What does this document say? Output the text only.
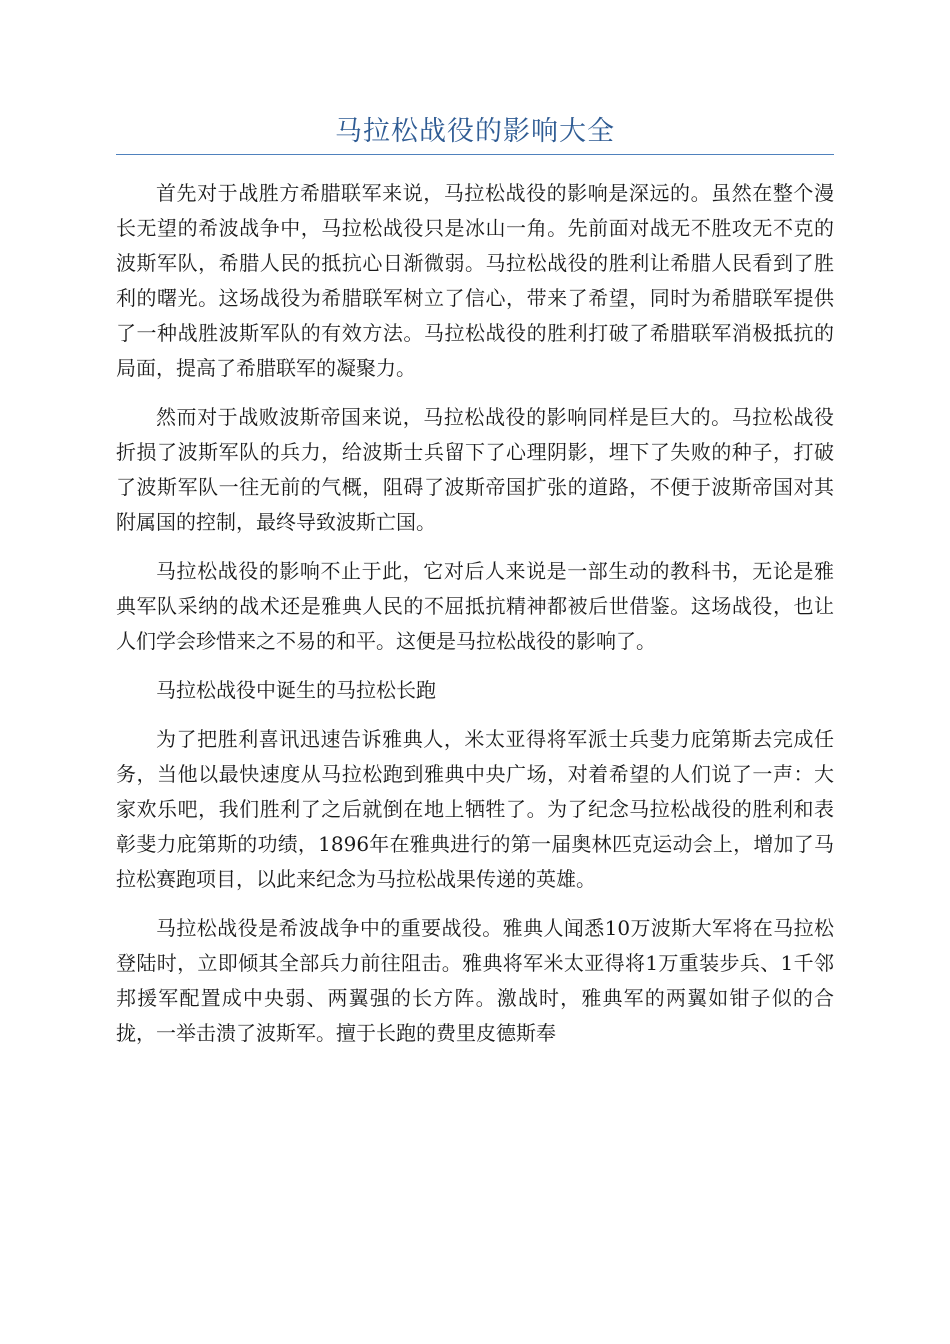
马拉松战役的影响大全

首先对于战胜方希腊联军来说，马拉松战役的影响是深远的。虽然在整个漫长无望的希波战争中，马拉松战役只是冰山一角。先前面对战无不胜攻无不克的波斯军队，希腊人民的抵抗心日渐微弱。马拉松战役的胜利让希腊人民看到了胜利的曙光。这场战役为希腊联军树立了信心，带来了希望，同时为希腊联军提供了一种战胜波斯军队的有效方法。马拉松战役的胜利打破了希腊联军消极抵抗的局面，提高了希腊联军的凝聚力。

然而对于战败波斯帝国来说，马拉松战役的影响同样是巨大的。马拉松战役折损了波斯军队的兵力，给波斯士兵留下了心理阴影，埋下了失败的种子，打破了波斯军队一往无前的气概，阻碍了波斯帝国扩张的道路，不便于波斯帝国对其附属国的控制，最终导致波斯亡国。

马拉松战役的影响不止于此，它对后人来说是一部生动的教科书，无论是雅典军队采纳的战术还是雅典人民的不屈抵抗精神都被后世借鉴。这场战役，也让人们学会珍惜来之不易的和平。这便是马拉松战役的影响了。

马拉松战役中诞生的马拉松长跑

为了把胜利喜讯迅速告诉雅典人，米太亚得将军派士兵斐力庇第斯去完成任务，当他以最快速度从马拉松跑到雅典中央广场，对着希望的人们说了一声：大家欢乐吧，我们胜利了之后就倒在地上牺牲了。为了纪念马拉松战役的胜利和表彰斐力庇第斯的功绩，1896年在雅典进行的第一届奥林匹克运动会上，增加了马拉松赛跑项目，以此来纪念为马拉松战果传递的英雄。

马拉松战役是希波战争中的重要战役。雅典人闻悉10万波斯大军将在马拉松登陆时，立即倾其全部兵力前往阻击。雅典将军米太亚得将1万重装步兵、1千邻邦援军配置成中央弱、两翼强的长方阵。激战时，雅典军的两翼如钳子似的合拢，一举击溃了波斯军。擅于长跑的费里皮德斯奉
